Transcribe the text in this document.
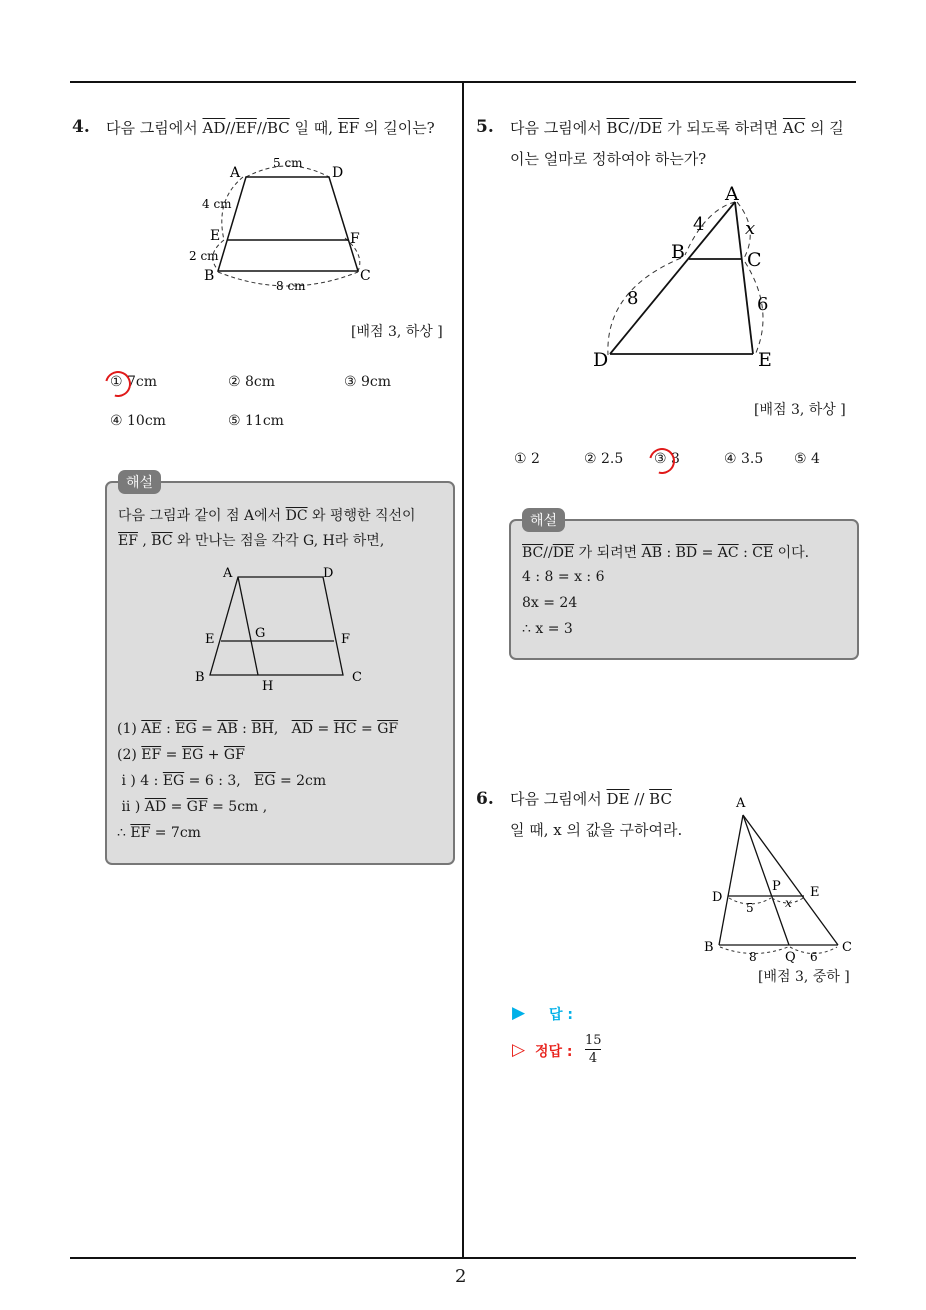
2
4. 다음 그림에서 $\overline{AD}//\overline{EF}//\overline{BC}$ 일 때, $\overline{EF}$ 의 길이는?
A	D
E	F
B	C
5 cm
4 cm
2 cm
8 cm
[배점 3, 하상 ]
① 7cm	② 8cm	③ 9cm
④ 10cm	⑤ 11cm
해설
다음 그림과 같이 점 A에서 $\overline{DC}$ 와 평행한 직선이
$\overline{EF}$ , $\overline{BC}$ 와 만나는 점을 각각 G, H라 하면,
A	D
E	G	F
B
H
C
(1) $\overline{AE}$ : $\overline{EG} = \overline{AB}$ : $\overline{BH}$,   $\overline{AD} = \overline{HC} = \overline{GF}$
(2) $\overline{EF} = \overline{EG} + \overline{GF}$
i ) 4 : $\overline{EG} = 6$ : 3,   $\overline{EG} = 2cm$
ii ) $\overline{AD} = \overline{GF} = 5cm$ ,
∴ $\overline{EF} = 7cm$
5. 다음 그림에서 $\overline{BC}//\overline{DE}$ 가 되도록 하려면 $\overline{AC}$ 의 길
이는 얼마로 정하여야 하는가?
A
B	C
D	E
4 x
8	6
[배점 3, 하상 ]
① 2	② 2.5 ③ 3	④ 3.5 ⑤ 4
해설
$\overline{BC}//\overline{DE}$ 가 되려면 $\overline{AB}$ : $\overline{BD} = \overline{AC}$ : $\overline{CE}$ 이다.
4 : 8 = x : 6
8x = 24
∴ x = 3
6. 다음 그림에서 $\overline{DE} // \overline{BC}$
일 때, x 의 값을 구하여라.
A
D
P E
B
Q
C
5	x
8	6
[배점 3, 중하 ]
▶ 답 :
▷ 정답 : $\frac{15}{4}$
